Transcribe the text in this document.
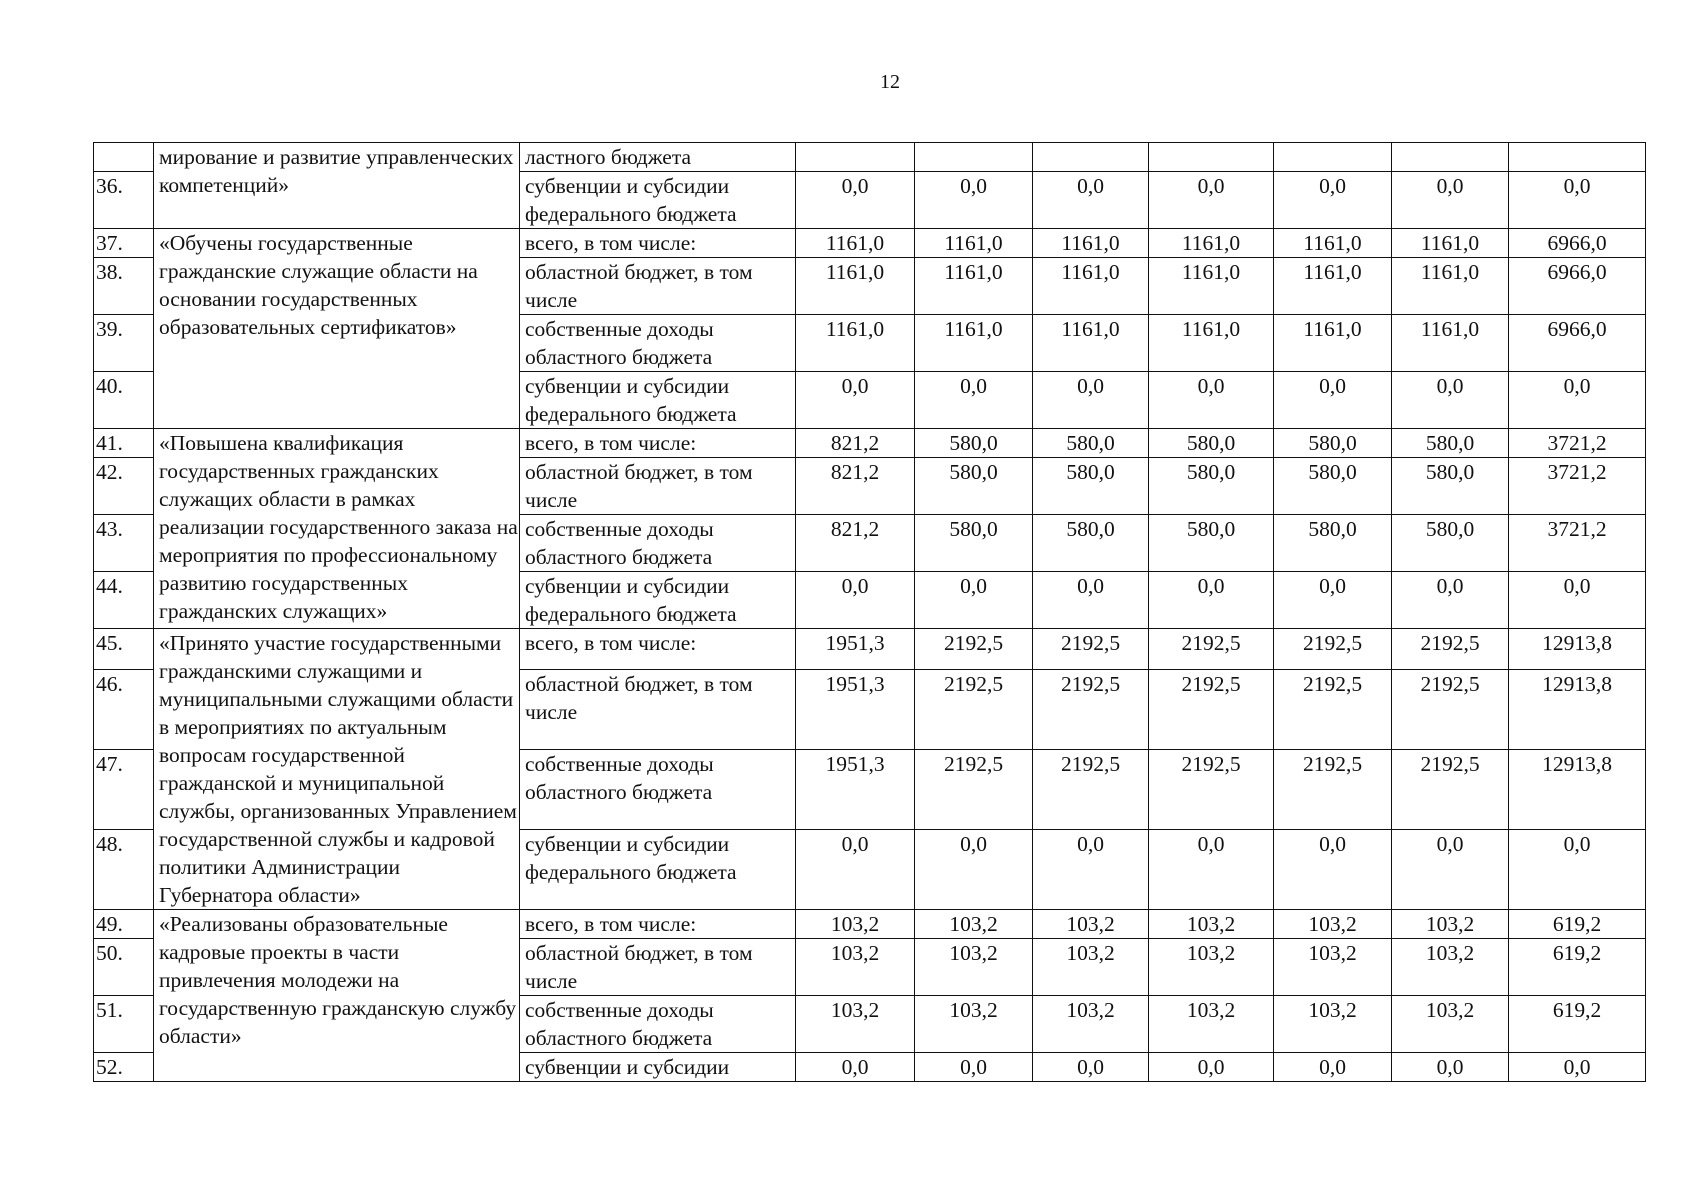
12
	мирование и развитие управленческих компетенций»	ластного бюджета							
36.		субвенции и субсидии федерального бюджета	0,0	0,0	0,0	0,0	0,0	0,0	0,0
37.	«Обучены государственные гражданские служащие области на основании государственных образовательных сертификатов»	всего, в том числе:	1161,0	1161,0	1161,0	1161,0	1161,0	1161,0	6966,0
38.		областной бюджет, в том числе	1161,0	1161,0	1161,0	1161,0	1161,0	1161,0	6966,0
39.		собственные доходы областного бюджета	1161,0	1161,0	1161,0	1161,0	1161,0	1161,0	6966,0
40.		субвенции и субсидии федерального бюджета	0,0	0,0	0,0	0,0	0,0	0,0	0,0
41.	«Повышена квалификация государственных гражданских служащих области в рамках реализации государственного заказа на мероприятия по профессиональному развитию государственных гражданских служащих»	всего, в том числе:	821,2	580,0	580,0	580,0	580,0	580,0	3721,2
42.		областной бюджет, в том числе	821,2	580,0	580,0	580,0	580,0	580,0	3721,2
43.		собственные доходы областного бюджета	821,2	580,0	580,0	580,0	580,0	580,0	3721,2
44.		субвенции и субсидии федерального бюджета	0,0	0,0	0,0	0,0	0,0	0,0	0,0
45.	«Принято участие государственными гражданскими служащими и муниципальными служащими области в мероприятиях по актуальным вопросам государственной гражданской и муниципальной службы, организованных Управлением государственной службы и кадровой политики Администрации Губернатора области»	всего, в том числе:	1951,3	2192,5	2192,5	2192,5	2192,5	2192,5	12913,8
46.		областной бюджет, в том числе	1951,3	2192,5	2192,5	2192,5	2192,5	2192,5	12913,8
47.		собственные доходы областного бюджета	1951,3	2192,5	2192,5	2192,5	2192,5	2192,5	12913,8
48.		субвенции и субсидии федерального бюджета	0,0	0,0	0,0	0,0	0,0	0,0	0,0
49.	«Реализованы образовательные кадровые проекты в части привлечения молодежи на государственную гражданскую службу области»	всего, в том числе:	103,2	103,2	103,2	103,2	103,2	103,2	619,2
50.		областной бюджет, в том числе	103,2	103,2	103,2	103,2	103,2	103,2	619,2
51.		собственные доходы областного бюджета	103,2	103,2	103,2	103,2	103,2	103,2	619,2
52.		субвенции и субсидии	0,0	0,0	0,0	0,0	0,0	0,0	0,0
